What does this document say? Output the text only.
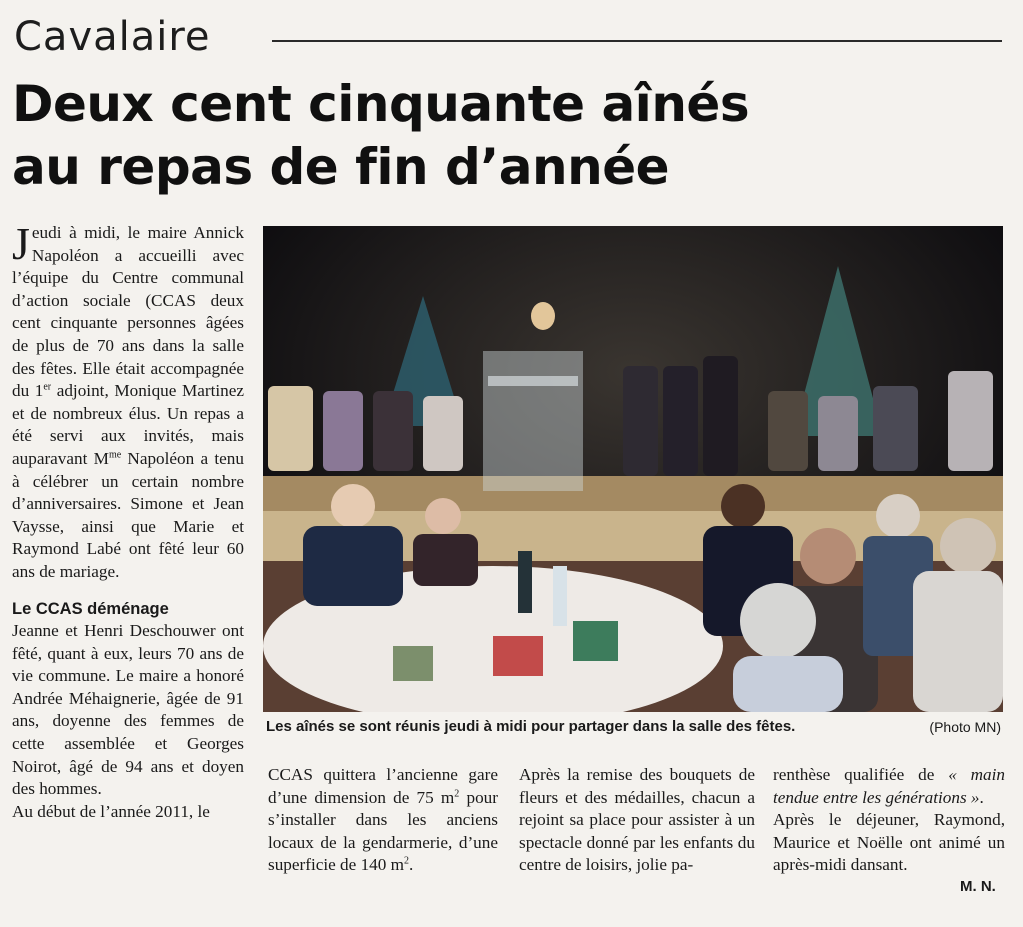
Cavalaire
Deux cent cinquante aînés
au repas de fin d’année

Jeudi à midi, le maire Annick Napoléon a accueilli avec l’équipe du Centre communal d’action sociale (CCAS deux cent cinquante personnes âgées de plus de 70 ans dans la salle des fêtes. Elle était accompagnée du 1er adjoint, Monique Martinez et de nombreux élus. Un repas a été servi aux invités, mais auparavant $M^{me}$ Napoléon a tenu à célébrer un certain nombre d’anniversaires. Simone et Jean Vaysse, ainsi que Marie et Raymond Labé ont fêté leur 60 ans de mariage.

Le CCAS déménage

Jeanne et Henri Deschouwer ont fêté, quant à eux, leurs 70 ans de vie commune. Le maire a honoré Andrée Méhaignerie, âgée de 91 ans, doyenne des femmes de cette assemblée et Georges Noirot, âgé de 94 ans et doyen des hommes.

Au début de l’année 2011, le

Les aînés se sont réunis jeudi à midi pour partager dans la salle des fêtes.	(Photo MN)

CCAS quittera l’ancienne gare d’une dimension de 75 $m^2$ pour s’installer dans les anciens locaux de la gendarmerie, d’une superficie de 140 $m^2$.

Après la remise des bouquets de fleurs et des médailles, chacun a rejoint sa place pour assister à un spectacle donné par les enfants du centre de loisirs, jolie pa-

renthèse qualifiée de « main tendue entre les générations ».

Après le déjeuner, Raymond, Maurice et Noëlle ont animé un après-midi dansant.

M. N.
